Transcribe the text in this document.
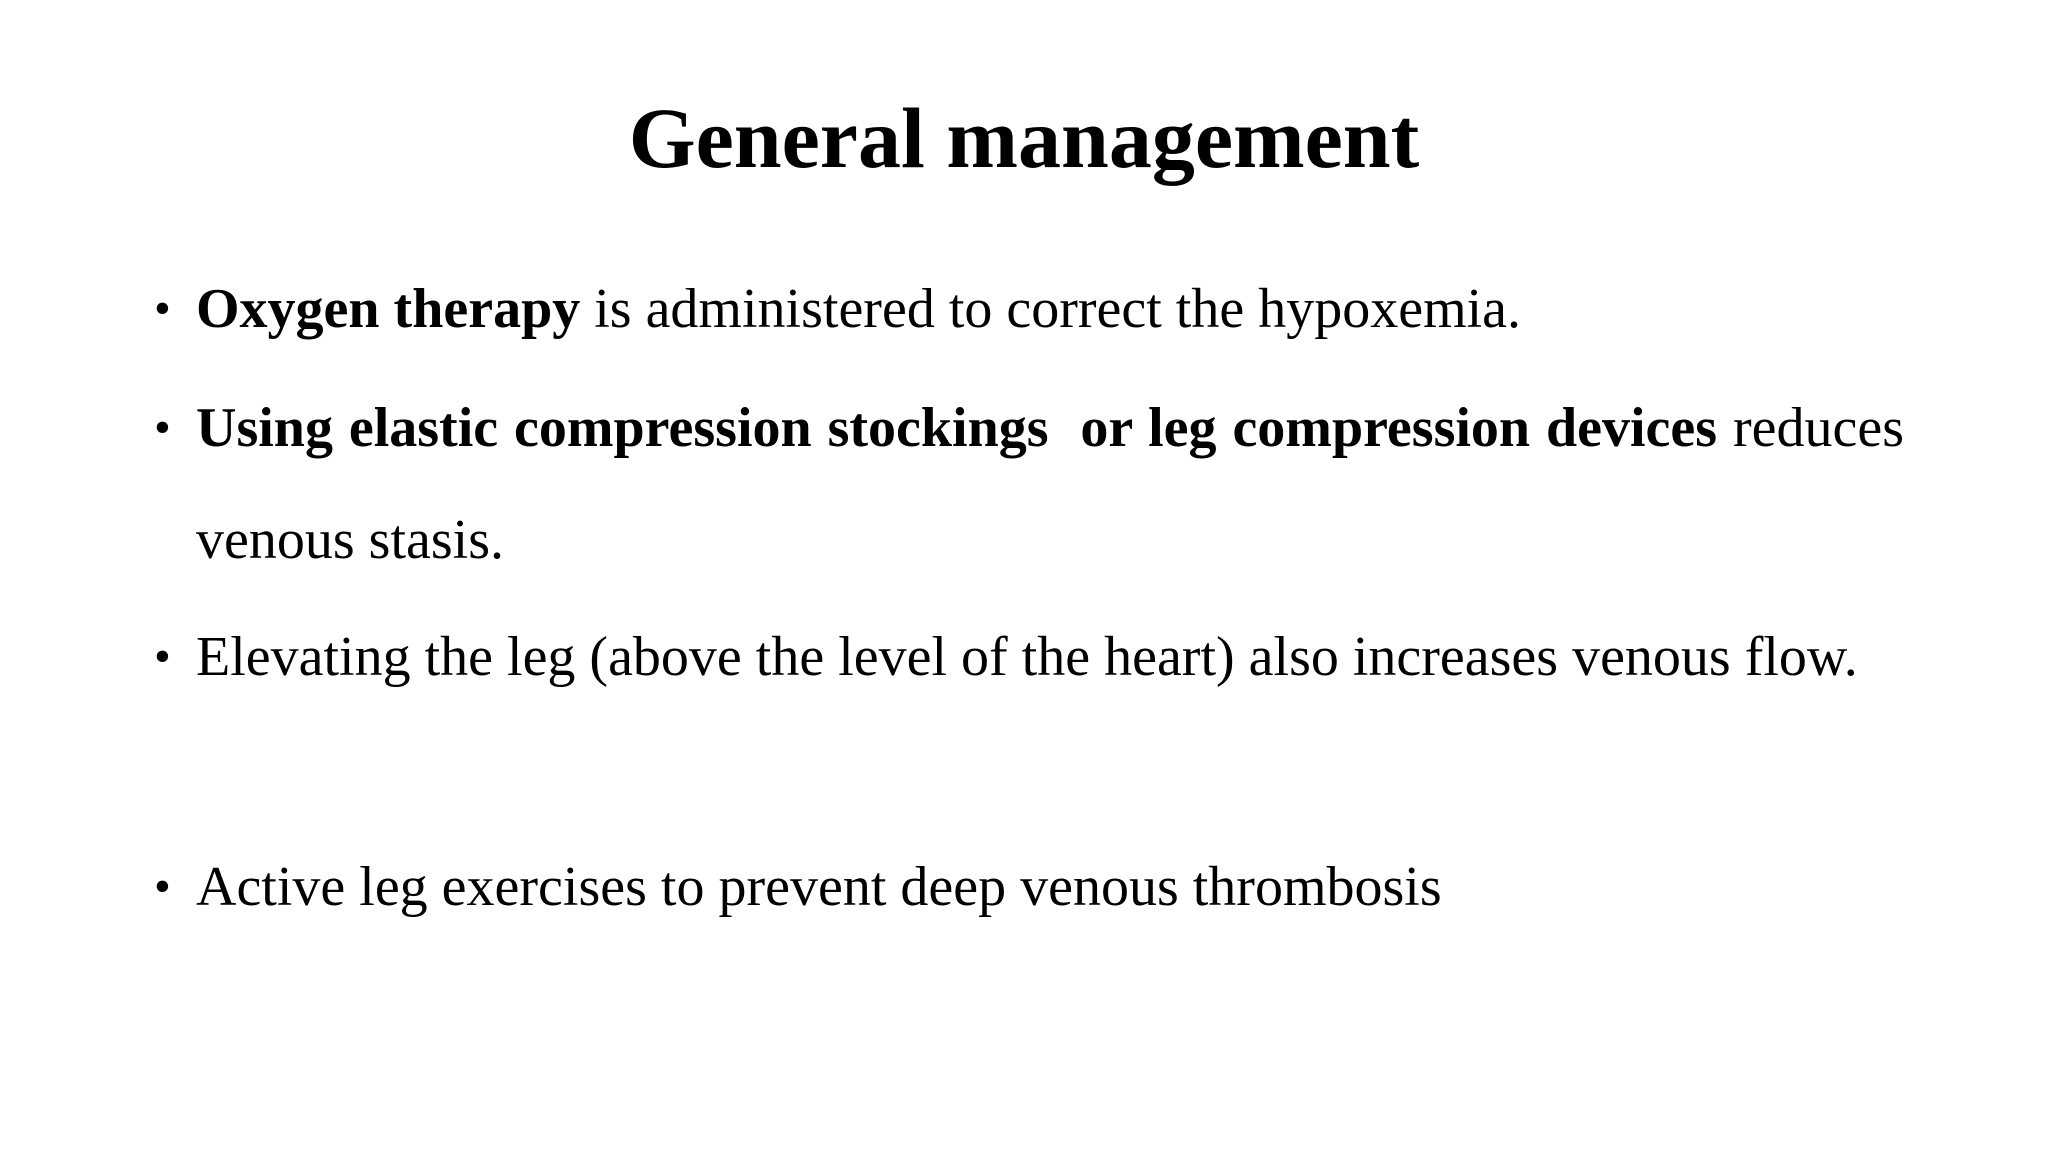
General management
• Oxygen therapy is administered to correct the hypoxemia.
• Using elastic compression stockings  or leg compression devices reduces venous stasis.
• Elevating the leg (above the level of the heart) also increases venous flow.
• Active leg exercises to prevent deep venous thrombosis
